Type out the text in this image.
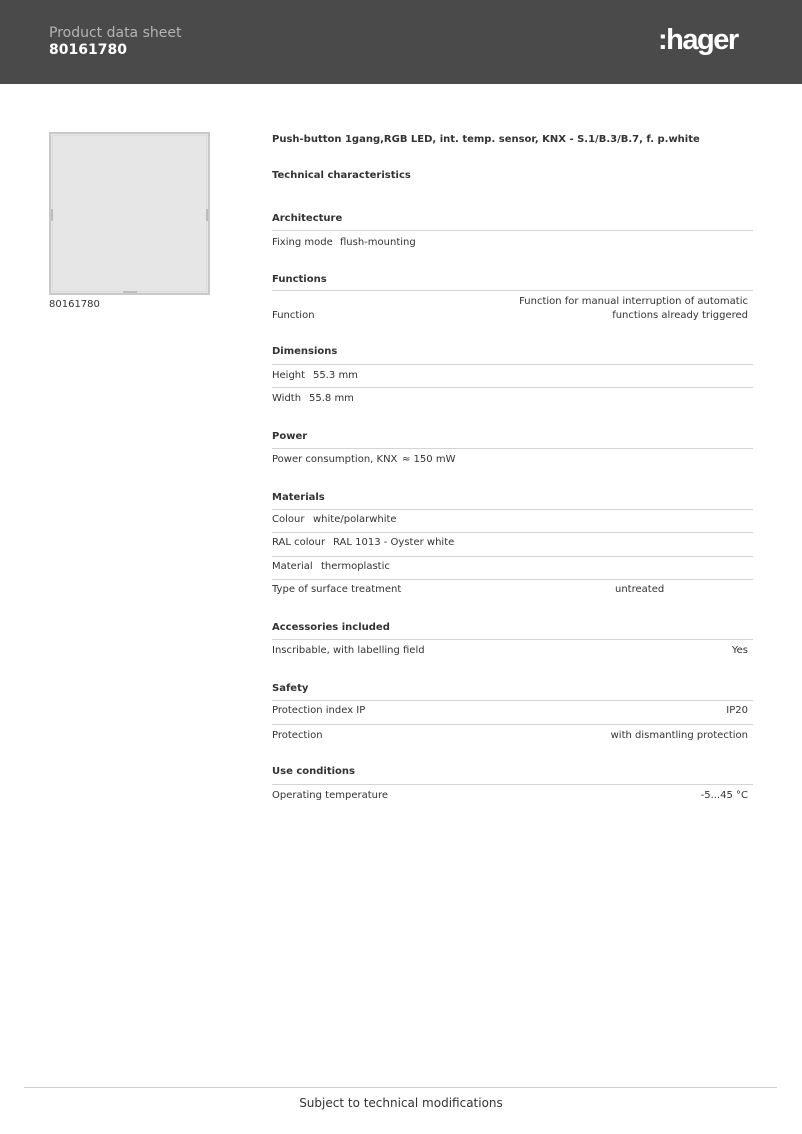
Product data sheet
80161780	:hager
80161780
Push-button 1gang,RGB LED, int. temp. sensor, KNX - S.1/B.3/B.7, f. p.white
Technical characteristics
Architecture
Fixing mode flush-mounting
Functions
Function
Function for manual interruption of automatic
functions already triggered
Dimensions
Height 55.3 mm
Width 55.8 mm
Power
Power consumption, KNX ≈ 150 mW
Materials
Colour white/polarwhite
RAL colour RAL 1013 - Oyster white
Material thermoplastic
Type of surface treatment	untreated
Accessories included
Inscribable, with labelling field	Yes
Safety
Protection index IP	IP20
Protection	with dismantling protection
Use conditions
Operating temperature	-5...45 °C
Subject to technical modifications
